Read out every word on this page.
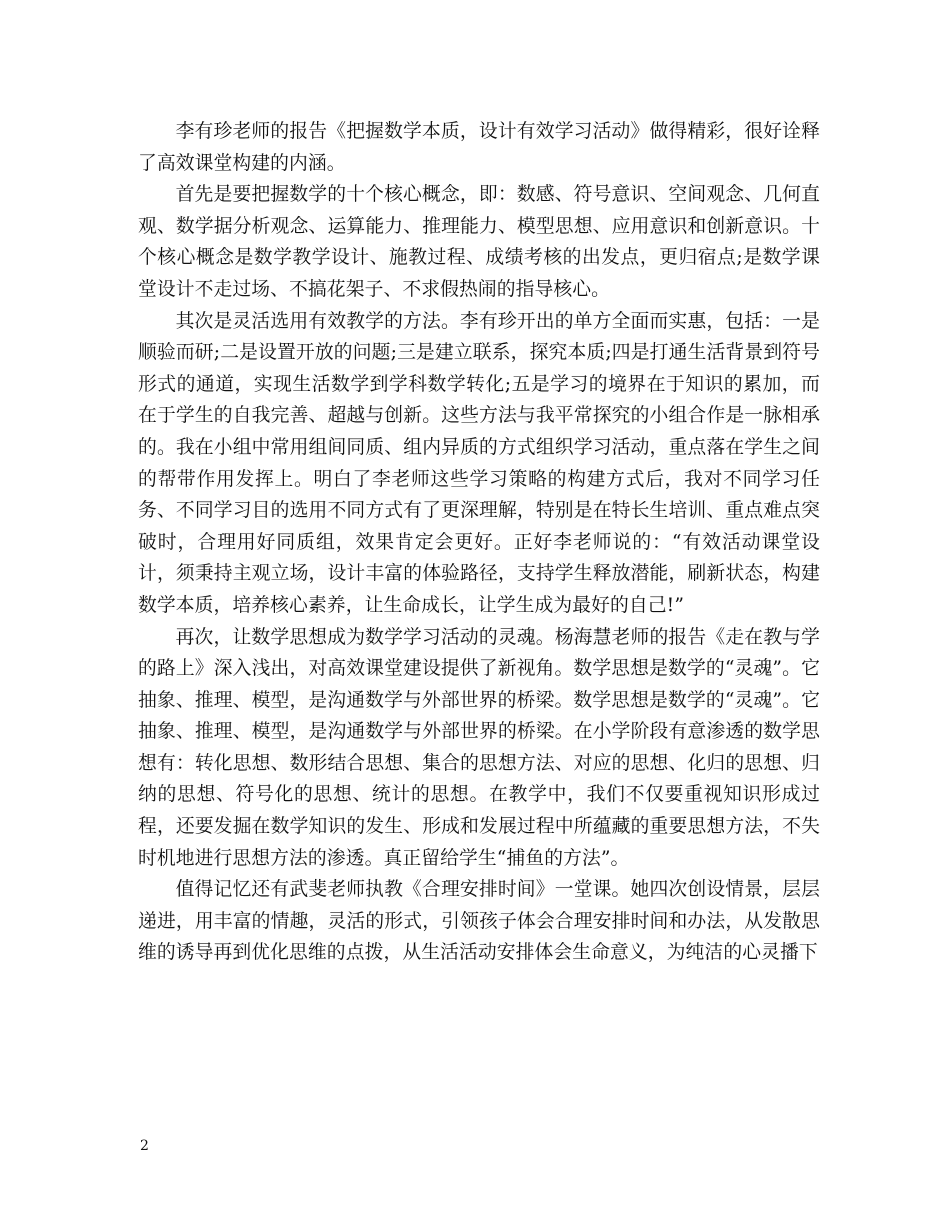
李有珍老师的报告《把握数学本质，设计有效学习活动》做得精彩，很好诠释了高效课堂构建的内涵。

首先是要把握数学的十个核心概念，即：数感、符号意识、空间观念、几何直观、数学据分析观念、运算能力、推理能力、模型思想、应用意识和创新意识。十个核心概念是数学教学设计、施教过程、成绩考核的出发点，更归宿点;是数学课堂设计不走过场、不搞花架子、不求假热闹的指导核心。

其次是灵活选用有效教学的方法。李有珍开出的单方全面而实惠，包括：一是顺验而研;二是设置开放的问题;三是建立联系，探究本质;四是打通生活背景到符号形式的通道，实现生活数学到学科数学转化;五是学习的境界在于知识的累加，而在于学生的自我完善、超越与创新。这些方法与我平常探究的小组合作是一脉相承的。我在小组中常用组间同质、组内异质的方式组织学习活动，重点落在学生之间的帮带作用发挥上。明白了李老师这些学习策略的构建方式后，我对不同学习任务、不同学习目的选用不同方式有了更深理解，特别是在特长生培训、重点难点突破时，合理用好同质组，效果肯定会更好。正好李老师说的：“有效活动课堂设计，须秉持主观立场，设计丰富的体验路径，支持学生释放潜能，刷新状态，构建数学本质，培养核心素养，让生命成长，让学生成为最好的自己!”

再次，让数学思想成为数学学习活动的灵魂。杨海慧老师的报告《走在教与学的路上》深入浅出，对高效课堂建设提供了新视角。数学思想是数学的“灵魂”。它抽象、推理、模型，是沟通数学与外部世界的桥梁。数学思想是数学的“灵魂”。它抽象、推理、模型，是沟通数学与外部世界的桥梁。在小学阶段有意渗透的数学思想有：转化思想、数形结合思想、集合的思想方法、对应的思想、化归的思想、归纳的思想、符号化的思想、统计的思想。在教学中，我们不仅要重视知识形成过程，还要发掘在数学知识的发生、形成和发展过程中所蕴藏的重要思想方法，不失时机地进行思想方法的渗透。真正留给学生“捕鱼的方法”。

值得记忆还有武斐老师执教《合理安排时间》一堂课。她四次创设情景，层层递进，用丰富的情趣，灵活的形式，引领孩子体会合理安排时间和办法，从发散思维的诱导再到优化思维的点拨，从生活活动安排体会生命意义，为纯洁的心灵播下

2
